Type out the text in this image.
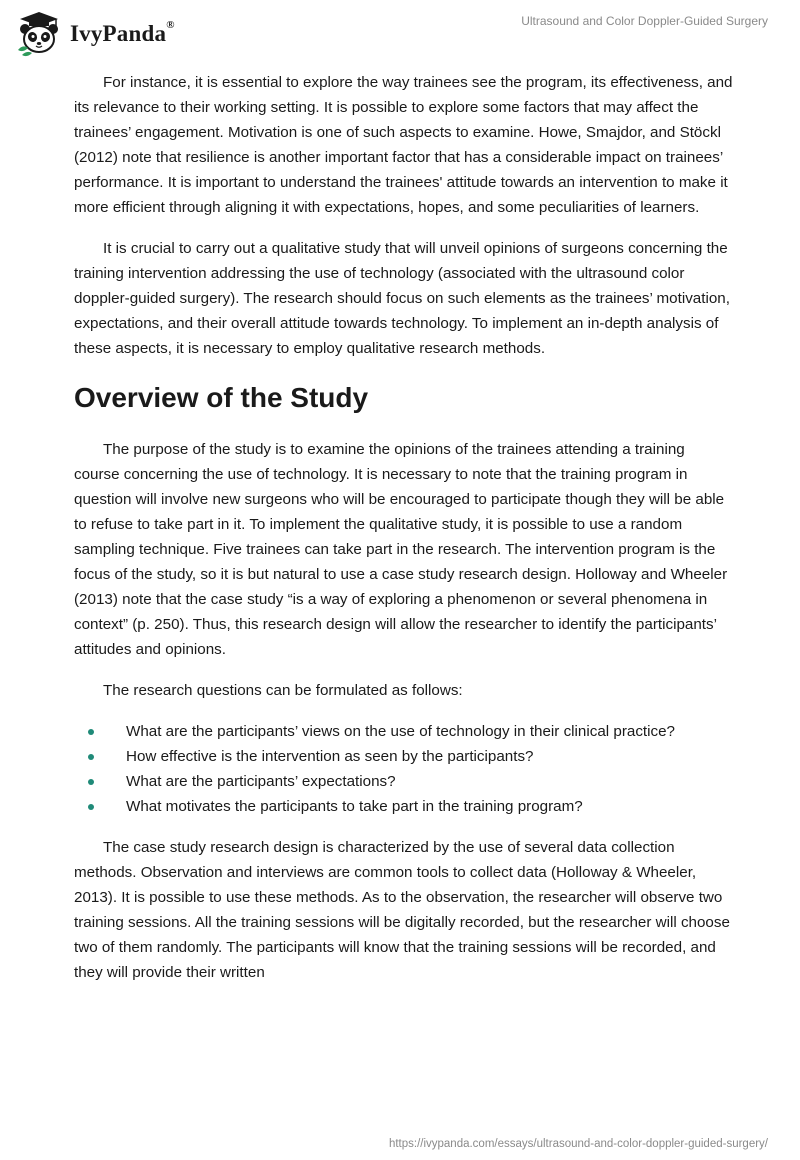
IvyPanda®	Ultrasound and Color Doppler-Guided Surgery

For instance, it is essential to explore the way trainees see the program, its effectiveness, and its relevance to their working setting. It is possible to explore some factors that may affect the trainees’ engagement. Motivation is one of such aspects to examine. Howe, Smajdor, and Stöckl (2012) note that resilience is another important factor that has a considerable impact on trainees’ performance. It is important to understand the trainees' attitude towards an intervention to make it more efficient through aligning it with expectations, hopes, and some peculiarities of learners.

It is crucial to carry out a qualitative study that will unveil opinions of surgeons concerning the training intervention addressing the use of technology (associated with the ultrasound color doppler-guided surgery). The research should focus on such elements as the trainees’ motivation, expectations, and their overall attitude towards technology. To implement an in-depth analysis of these aspects, it is necessary to employ qualitative research methods.

Overview of the Study

The purpose of the study is to examine the opinions of the trainees attending a training course concerning the use of technology. It is necessary to note that the training program in question will involve new surgeons who will be encouraged to participate though they will be able to refuse to take part in it. To implement the qualitative study, it is possible to use a random sampling technique. Five trainees can take part in the research. The intervention program is the focus of the study, so it is but natural to use a case study research design. Holloway and Wheeler (2013) note that the case study “is a way of exploring a phenomenon or several phenomena in context” (p. 250). Thus, this research design will allow the researcher to identify the participants’ attitudes and opinions.

The research questions can be formulated as follows:

What are the participants’ views on the use of technology in their clinical practice?
How effective is the intervention as seen by the participants?
What are the participants’ expectations?
What motivates the participants to take part in the training program?

The case study research design is characterized by the use of several data collection methods. Observation and interviews are common tools to collect data (Holloway & Wheeler, 2013). It is possible to use these methods. As to the observation, the researcher will observe two training sessions. All the training sessions will be digitally recorded, but the researcher will choose two of them randomly. The participants will know that the training sessions will be recorded, and they will provide their written

https://ivypanda.com/essays/ultrasound-and-color-doppler-guided-surgery/
